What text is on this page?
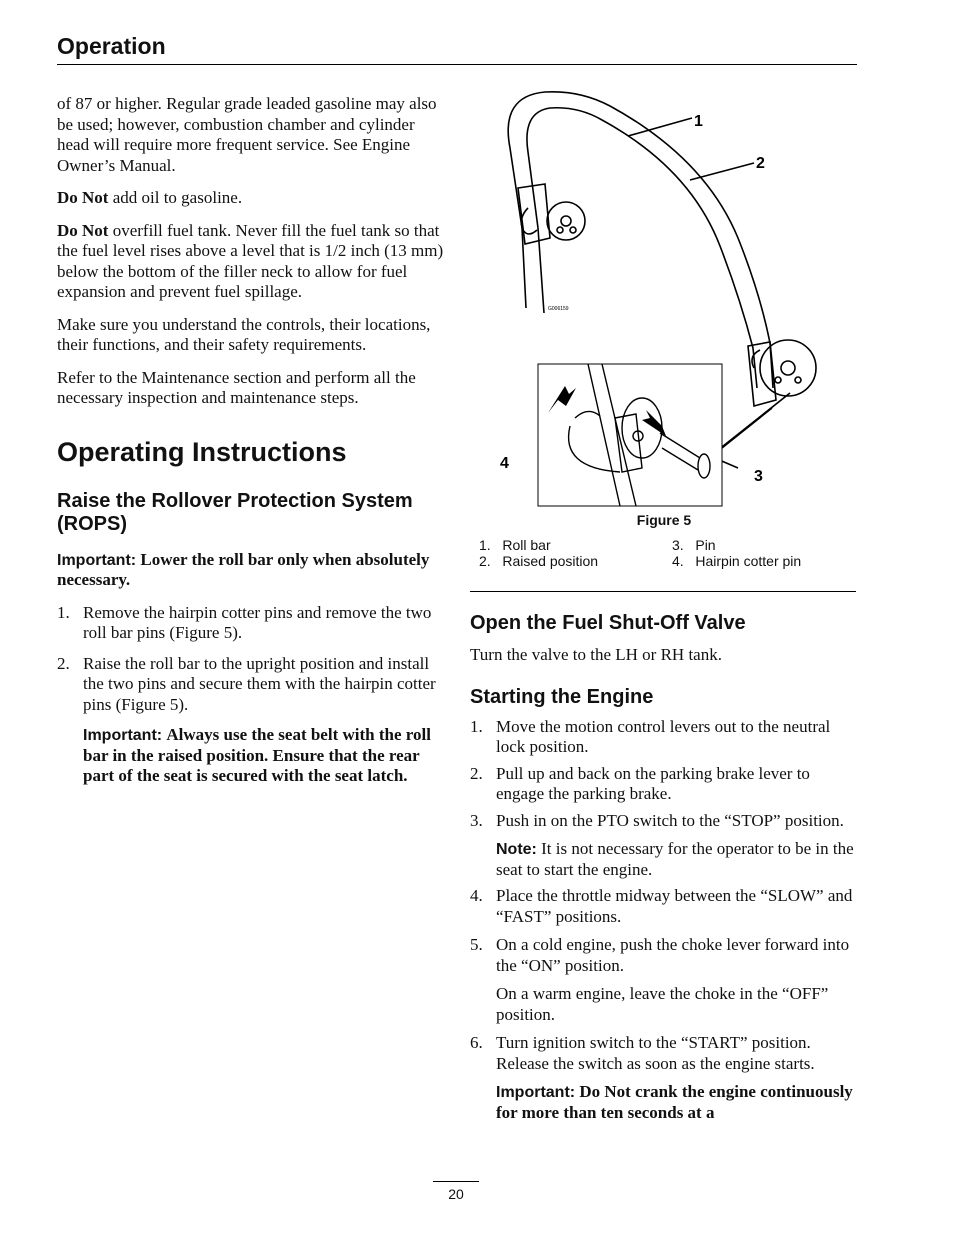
Operation

of 87 or higher. Regular grade leaded gasoline may also be used; however, combustion chamber and cylinder head will require more frequent service. See Engine Owner’s Manual.

Do Not add oil to gasoline.

Do Not overfill fuel tank. Never fill the fuel tank so that the fuel level rises above a level that is 1/2 inch (13 mm) below the bottom of the filler neck to allow for fuel expansion and prevent fuel spillage.

Make sure you understand the controls, their locations, their functions, and their safety requirements.

Refer to the Maintenance section and perform all the necessary inspection and maintenance steps.

Operating Instructions
Raise the Rollover Protection System (ROPS)

Important: Lower the roll bar only when absolutely necessary.

1. Remove the hairpin cotter pins and remove the two roll bar pins (Figure 5).
2. Raise the roll bar to the upright position and install the two pins and secure them with the hairpin cotter pins (Figure 5).

Important: Always use the seat belt with the roll bar in the raised position. Ensure that the rear part of the seat is secured with the seat latch.

G006159
1
2
3
4
Figure 5
1. Roll bar
2. Raised position
3. Pin
4. Hairpin cotter pin
Open the Fuel Shut-Off Valve

Turn the valve to the LH or RH tank.

Starting the Engine
1. Move the motion control levers out to the neutral lock position.
2. Pull up and back on the parking brake lever to engage the parking brake.
3. Push in on the PTO switch to the “STOP” position.

Note: It is not necessary for the operator to be in the seat to start the engine.

4. Place the throttle midway between the “SLOW” and “FAST” positions.
5. On a cold engine, push the choke lever forward into the “ON” position.

On a warm engine, leave the choke in the “OFF” position.

6. Turn ignition switch to the “START” position. Release the switch as soon as the engine starts.

Important: Do Not crank the engine continuously for more than ten seconds at a

20
